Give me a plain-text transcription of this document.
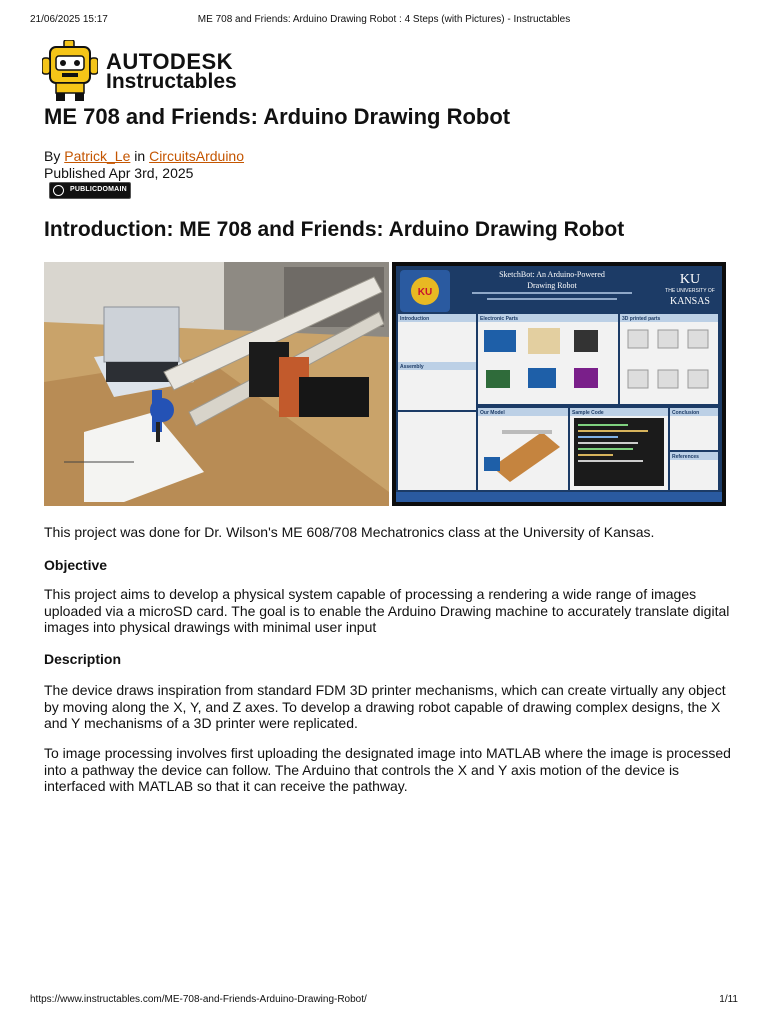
21/06/2025 15:17	ME 708 and Friends: Arduino Drawing Robot : 4 Steps (with Pictures) - Instructables
AUTODESK
Instructables
ME 708 and Friends: Arduino Drawing Robot
By Patrick_Le in CircuitsArduino
Published Apr 3rd, 2025
PUBLICDOMAIN
Introduction: ME 708 and Friends: Arduino Drawing Robot
KU
SketchBot: An Arduino-Powered
Drawing Robot	KU
THE UNIVERSITY OF
KANSAS
Introduction
Assembly
Electronic Parts	3D printed parts
Our Model	Sample Code	Conclusion
References
This project was done for Dr. Wilson's ME 608/708 Mechatronics class at the University of Kansas.
Objective
This project aims to develop a physical system capable of processing a rendering a wide range of images uploaded via a microSD card. The goal is to enable the Arduino Drawing machine to accurately translate digital images into physical drawings with minimal user input
Description
The device draws inspiration from standard FDM 3D printer mechanisms, which can create virtually any object by moving along the X, Y, and Z axes. To develop a drawing robot capable of drawing complex designs, the X and Y mechanisms of a 3D printer were replicated.
To image processing involves first uploading the designated image into MATLAB where the image is processed into a pathway the device can follow. The Arduino that controls the X and Y axis motion of the device is interfaced with MATLAB so that it can receive the pathway.
https://www.instructables.com/ME-708-and-Friends-Arduino-Drawing-Robot/	1/11
